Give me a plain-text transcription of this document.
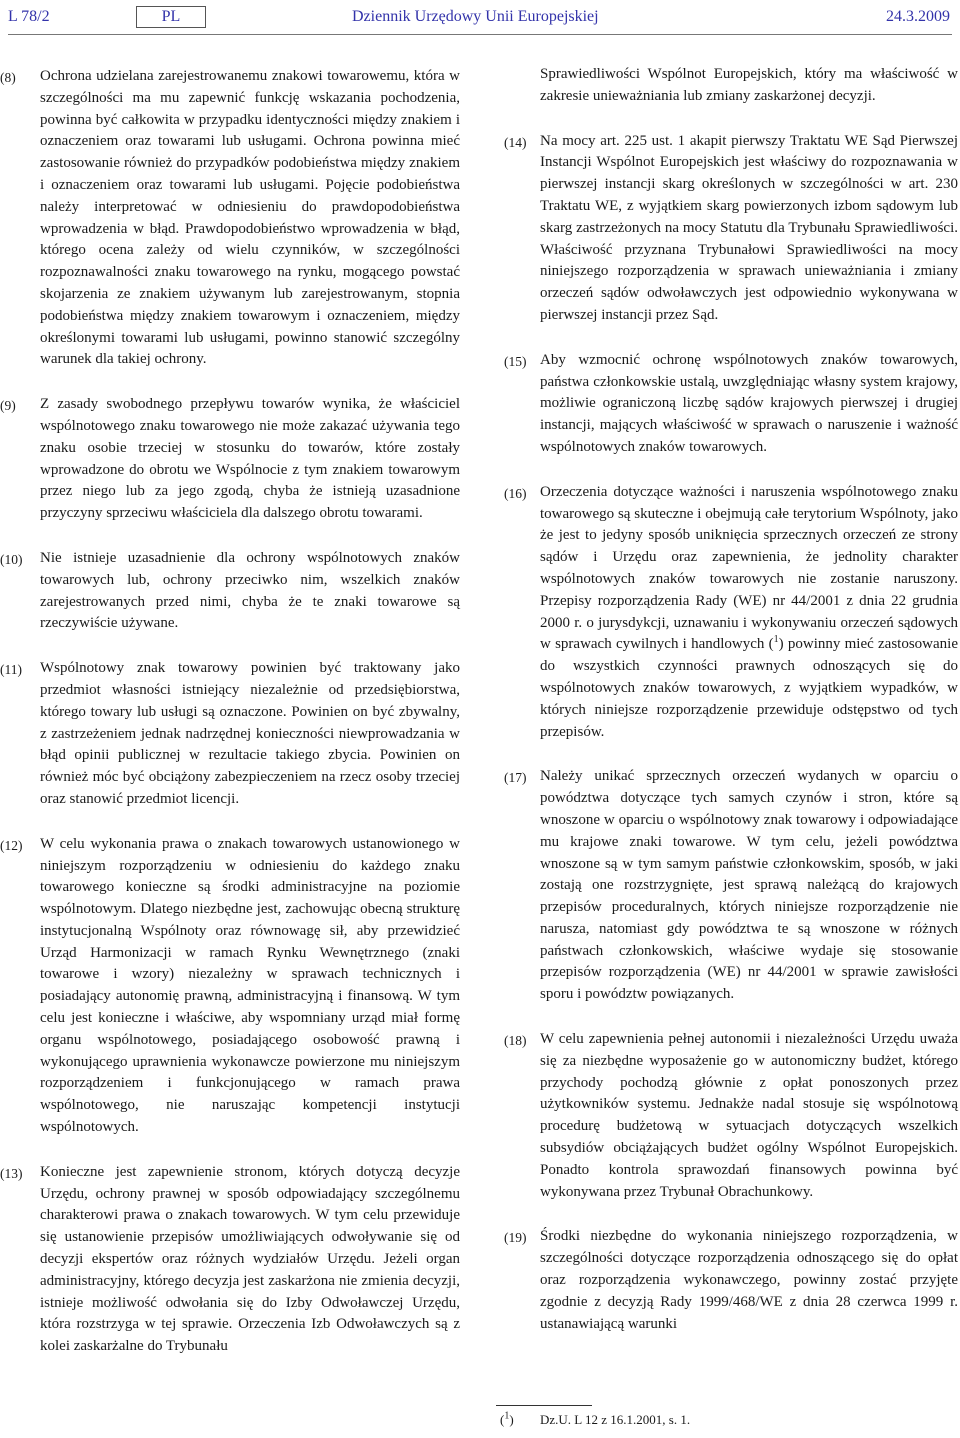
L 78/2	PL	Dziennik Urzędowy Unii Europejskiej	24.3.2009
(8) Ochrona udzielana zarejestrowanemu znakowi towarowemu, która w szczególności ma mu zapewnić funkcję wskazania pochodzenia, powinna być całkowita w przypadku identyczności między znakiem i oznaczeniem oraz towarami lub usługami. Ochrona powinna mieć zastosowanie również do przypadków podobieństwa między znakiem i oznaczeniem oraz towarami lub usługami. Pojęcie podobieństwa należy interpretować w odniesieniu do prawdopodobieństwa wprowadzenia w błąd. Prawdopodobieństwo wprowadzenia w błąd, którego ocena zależy od wielu czynników, w szczególności rozpoznawalności znaku towarowego na rynku, mogącego powstać skojarzenia ze znakiem używanym lub zarejestrowanym, stopnia podobieństwa między znakiem towarowym i oznaczeniem, między określonymi towarami lub usługami, powinno stanowić szczególny warunek dla takiej ochrony.

(9) Z zasady swobodnego przepływu towarów wynika, że właściciel wspólnotowego znaku towarowego nie może zakazać używania tego znaku osobie trzeciej w stosunku do towarów, które zostały wprowadzone do obrotu we Wspólnocie z tym znakiem towarowym przez niego lub za jego zgodą, chyba że istnieją uzasadnione przyczyny sprzeciwu właściciela dla dalszego obrotu towarami.

(10) Nie istnieje uzasadnienie dla ochrony wspólnotowych znaków towarowych lub, ochrony przeciwko nim, wszelkich znaków zarejestrowanych przed nimi, chyba że te znaki towarowe są rzeczywiście używane.

(11) Wspólnotowy znak towarowy powinien być traktowany jako przedmiot własności istniejący niezależnie od przedsiębiorstwa, którego towary lub usługi są oznaczone. Powinien on być zbywalny, z zastrzeżeniem jednak nadrzędnej konieczności niewprowadzania w błąd opinii publicznej w rezultacie takiego zbycia. Powinien on również móc być obciążony zabezpieczeniem na rzecz osoby trzeciej oraz stanowić przedmiot licencji.

(12) W celu wykonania prawa o znakach towarowych ustanowionego w niniejszym rozporządzeniu w odniesieniu do każdego znaku towarowego konieczne są środki administracyjne na poziomie wspólnotowym. Dlatego niezbędne jest, zachowując obecną strukturę instytucjonalną Wspólnoty oraz równowagę sił, aby przewidzieć Urząd Harmonizacji w ramach Rynku Wewnętrznego (znaki towarowe i wzory) niezależny w sprawach technicznych i posiadający autonomię prawną, administracyjną i finansową. W tym celu jest konieczne i właściwe, aby wspomniany urząd miał formę organu wspólnotowego, posiadającego osobowość prawną i wykonującego uprawnienia wykonawcze powierzone mu niniejszym rozporządzeniem i funkcjonującego w ramach prawa wspólnotowego, nie naruszając kompetencji instytucji wspólnotowych.

(13) Konieczne jest zapewnienie stronom, których dotyczą decyzje Urzędu, ochrony prawnej w sposób odpowiadający szczególnemu charakterowi prawa o znakach towarowych. W tym celu przewiduje się ustanowienie przepisów umożliwiających odwoływanie się od decyzji ekspertów oraz różnych wydziałów Urzędu. Jeżeli organ administracyjny, którego decyzja jest zaskarżona nie zmienia decyzji, istnieje możliwość odwołania się do Izby Odwoławczej Urzędu, która rozstrzyga w tej sprawie. Orzeczenia Izb Odwoławczych są z kolei zaskarżalne do Trybunału

Sprawiedliwości Wspólnot Europejskich, który ma właściwość w zakresie unieważniania lub zmiany zaskarżonej decyzji.

(14) Na mocy art. 225 ust. 1 akapit pierwszy Traktatu WE Sąd Pierwszej Instancji Wspólnot Europejskich jest właściwy do rozpoznawania w pierwszej instancji skarg określonych w szczególności w art. 230 Traktatu WE, z wyjątkiem skarg powierzonych izbom sądowym lub skarg zastrzeżonych na mocy Statutu dla Trybunału Sprawiedliwości. Właściwość przyznana Trybunałowi Sprawiedliwości na mocy niniejszego rozporządzenia w sprawach unieważniania i zmiany orzeczeń sądów odwoławczych jest odpowiednio wykonywana w pierwszej instancji przez Sąd.

(15) Aby wzmocnić ochronę wspólnotowych znaków towarowych, państwa członkowskie ustalą, uwzględniając własny system krajowy, możliwie ograniczoną liczbę sądów krajowych pierwszej i drugiej instancji, mających właściwość w sprawach o naruszenie i ważność wspólnotowych znaków towarowych.

(16) Orzeczenia dotyczące ważności i naruszenia wspólnotowego znaku towarowego są skuteczne i obejmują całe terytorium Wspólnoty, jako że jest to jedyny sposób uniknięcia sprzecznych orzeczeń ze strony sądów i Urzędu oraz zapewnienia, że jednolity charakter wspólnotowych znaków towarowych nie zostanie naruszony. Przepisy rozporządzenia Rady (WE) nr 44/2001 z dnia 22 grudnia 2000 r. o jurysdykcji, uznawaniu i wykonywaniu orzeczeń sądowych w sprawach cywilnych i handlowych ($^1$) powinny mieć zastosowanie do wszystkich czynności prawnych odnoszących się do wspólnotowych znaków towarowych, z wyjątkiem wypadków, w których niniejsze rozporządzenie przewiduje odstępstwo od tych przepisów.

(17) Należy unikać sprzecznych orzeczeń wydanych w oparciu o powództwa dotyczące tych samych czynów i stron, które są wnoszone w oparciu o wspólnotowy znak towarowy i odpowiadające mu krajowe znaki towarowe. W tym celu, jeżeli powództwa wnoszone są w tym samym państwie członkowskim, sposób, w jaki zostają one rozstrzygnięte, jest sprawą należącą do krajowych przepisów proceduralnych, których niniejsze rozporządzenie nie narusza, natomiast gdy powództwa te są wnoszone w różnych państwach członkowskich, właściwe wydaje się stosowanie przepisów rozporządzenia (WE) nr 44/2001 w sprawie zawisłości sporu i powództw powiązanych.

(18) W celu zapewnienia pełnej autonomii i niezależności Urzędu uważa się za niezbędne wyposażenie go w autonomiczny budżet, którego przychody pochodzą głównie z opłat ponoszonych przez użytkowników systemu. Jednakże nadal stosuje się wspólnotową procedurę budżetową w sytuacjach dotyczących wszelkich subsydiów obciążających budżet ogólny Wspólnot Europejskich. Ponadto kontrola sprawozdań finansowych powinna być wykonywana przez Trybunał Obrachunkowy.

(19) Środki niezbędne do wykonania niniejszego rozporządzenia, w szczególności dotyczące rozporządzenia odnoszącego się do opłat oraz rozporządzenia wykonawczego, powinny zostać przyjęte zgodnie z decyzją Rady 1999/468/WE z dnia 28 czerwca 1999 r. ustanawiającą warunki

($^1$) Dz.U. L 12 z 16.1.2001, s. 1.
